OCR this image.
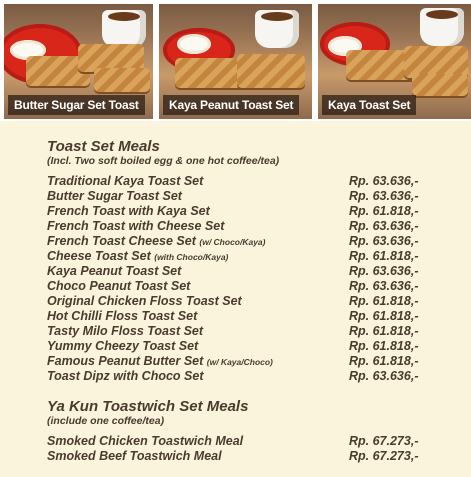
Butter Sugar Set Toast	Kaya Peanut Toast Set	Kaya Toast Set
Toast Set Meals
(Incl. Two soft boiled egg & one hot coffee/tea)
Traditional Kaya Toast Set	Rp. 63.636,-
Butter Sugar Toast Set	Rp. 63.636,-
French Toast with Kaya Set	Rp. 61.818,-
French Toast with Cheese Set	Rp. 63.636,-
French Toast Cheese Set (w/ Choco/Kaya)	Rp. 63.636,-
Cheese Toast Set (with Choco/Kaya)	Rp. 61.818,-
Kaya Peanut Toast Set	Rp. 63.636,-
Choco Peanut Toast Set	Rp. 63.636,-
Original Chicken Floss Toast Set	Rp. 61.818,-
Hot Chilli Floss Toast Set	Rp. 61.818,-
Tasty Milo Floss Toast Set	Rp. 61.818,-
Yummy Cheezy Toast Set	Rp. 61.818,-
Famous Peanut Butter Set (w/ Kaya/Choco)	Rp. 61.818,-
Toast Dipz with Choco Set	Rp. 63.636,-
Ya Kun Toastwich Set Meals
(include one coffee/tea)
Smoked Chicken Toastwich Meal	Rp. 67.273,-
Smoked Beef Toastwich Meal	Rp. 67.273,-
